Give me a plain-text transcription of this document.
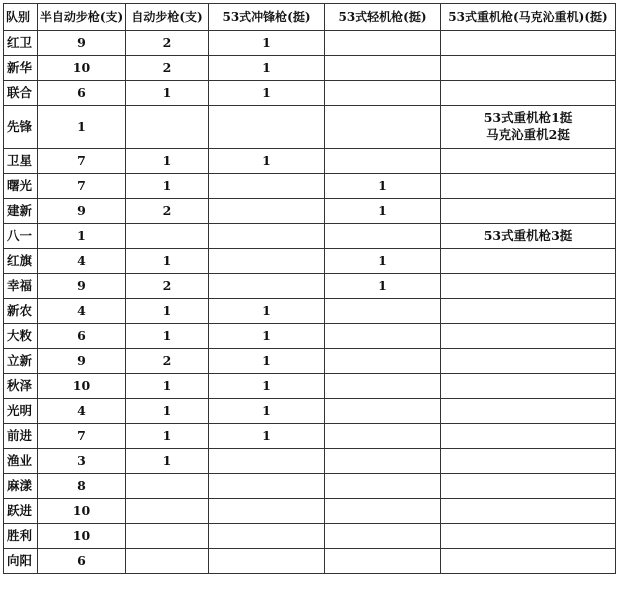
队别	半自动步枪(支)	自动步枪(支)	53式冲锋枪(挺)	53式轻机枪(挺)	53式重机枪(马克沁重机)(挺)
红卫	9	2	1		
新华	10	2	1		
联合	6	1	1		
先锋	1				53式重机枪1挺
马克沁重机2挺

卫星	7	1	1		
曙光	7	1		1	
建新	9	2		1	
八一	1				53式重机枪3挺
红旗	4	1		1	
幸福	9	2		1	
新农	4	1	1		
大敉	6	1	1		
立新	9	2	1		
秋泽	10	1	1		
光明	4	1	1		
前进	7	1	1		
渔业	3	1			
麻漾	8				
跃进	10				
胜利	10				
向阳	6				
